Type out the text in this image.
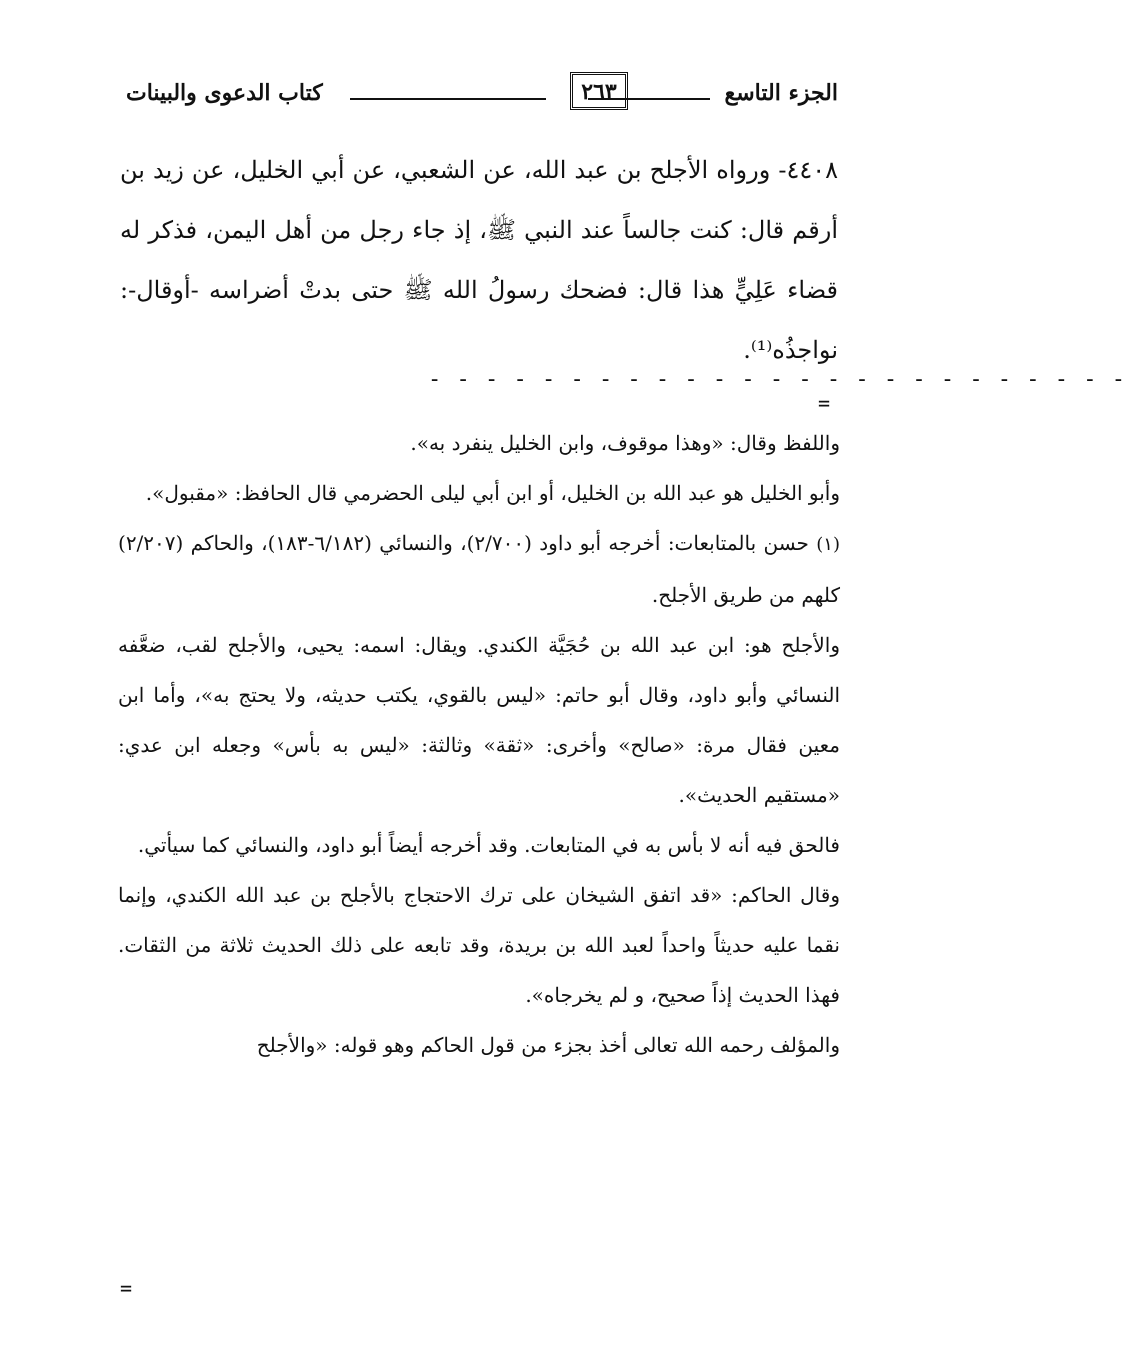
الجزء التاسع
٢٦٣
كتاب الدعوى والبينات

٤٤٠٨- ورواه الأجلح بن عبد الله، عن الشعبي، عن أبي الخليل، عن زيد بن أرقم قال: كنت جالساً عند النبي ﷺ، إذ جاء رجل من أهل اليمن، فذكر له قضاء عَلِيٍّ هذا قال: فضحك رسولُ الله ﷺ حتى بدتْ أضراسه -أوقال-: نواجذُه⁽¹⁾.

- - - - - - - - - - - - - - - - - - - - - - - - -
=

واللفظ وقال: «وهذا موقوف، وابن الخليل ينفرد به».

وأبو الخليل هو عبد الله بن الخليل، أو ابن أبي ليلى الحضرمي قال الحافظ: «مقبول».

(١) حسن بالمتابعات: أخرجه أبو داود (٢/٧٠٠)، والنسائي (٦/١٨٢-١٨٣)، والحاكم (٢/٢٠٧) كلهم من طريق الأجلح.

والأجلح هو: ابن عبد الله بن حُجَيَّة الكندي. ويقال: اسمه: يحيى، والأجلح لقب، ضعَّفه النسائي وأبو داود، وقال أبو حاتم: «ليس بالقوي، يكتب حديثه، ولا يحتج به»، وأما ابن معين فقال مرة: «صالح» وأخرى: «ثقة» وثالثة: «ليس به بأس» وجعله ابن عدي: «مستقيم الحديث».

فالحق فيه أنه لا بأس به في المتابعات. وقد أخرجه أيضاً أبو داود، والنسائي كما سيأتي.

وقال الحاكم: «قد اتفق الشيخان على ترك الاحتجاج بالأجلح بن عبد الله الكندي، وإنما نقما عليه حديثاً واحداً لعبد الله بن بريدة، وقد تابعه على ذلك الحديث ثلاثة من الثقات. فهذا الحديث إذاً صحيح، و لم يخرجاه».

والمؤلف رحمه الله تعالى أخذ بجزء من قول الحاكم وهو قوله: «والأجلح

=
